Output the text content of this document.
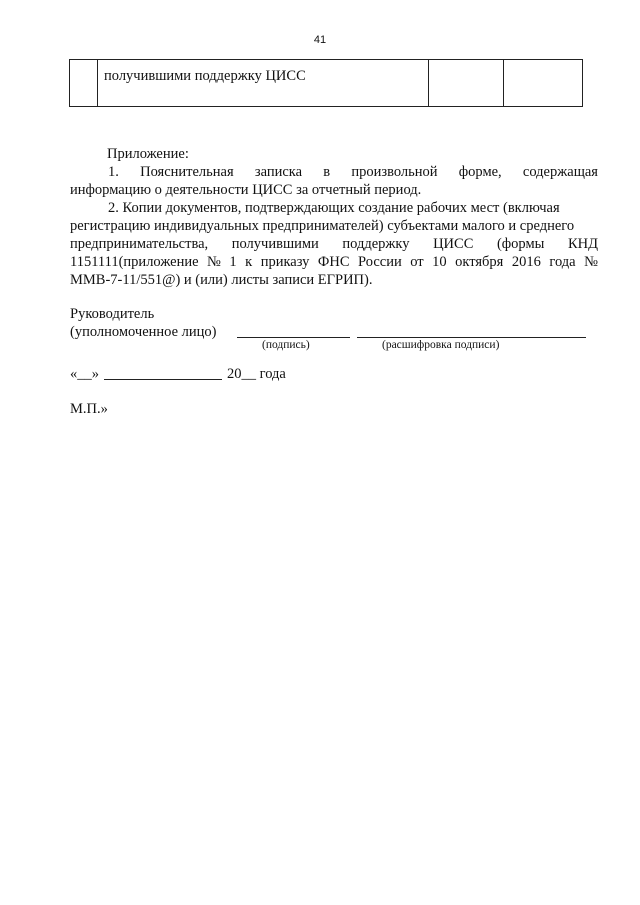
41
получившими поддержку ЦИСС
Приложение:
1. Пояснительная записка в произвольной форме, содержащая
информацию о деятельности ЦИСС за отчетный период.
2. Копии документов, подтверждающих создание рабочих мест (включая
регистрацию индивидуальных предпринимателей) субъектами малого и среднего
предпринимательства, получившими поддержку ЦИСС (формы КНД
1151111(приложение № 1 к приказу ФНС России от 10 октября 2016 года №
ММВ-7-11/551@) и (или) листы записи ЕГРИП).
Руководитель
(уполномоченное лицо)
(подпись)	(расшифровка подписи)
«__»	20__ года
М.П.»
